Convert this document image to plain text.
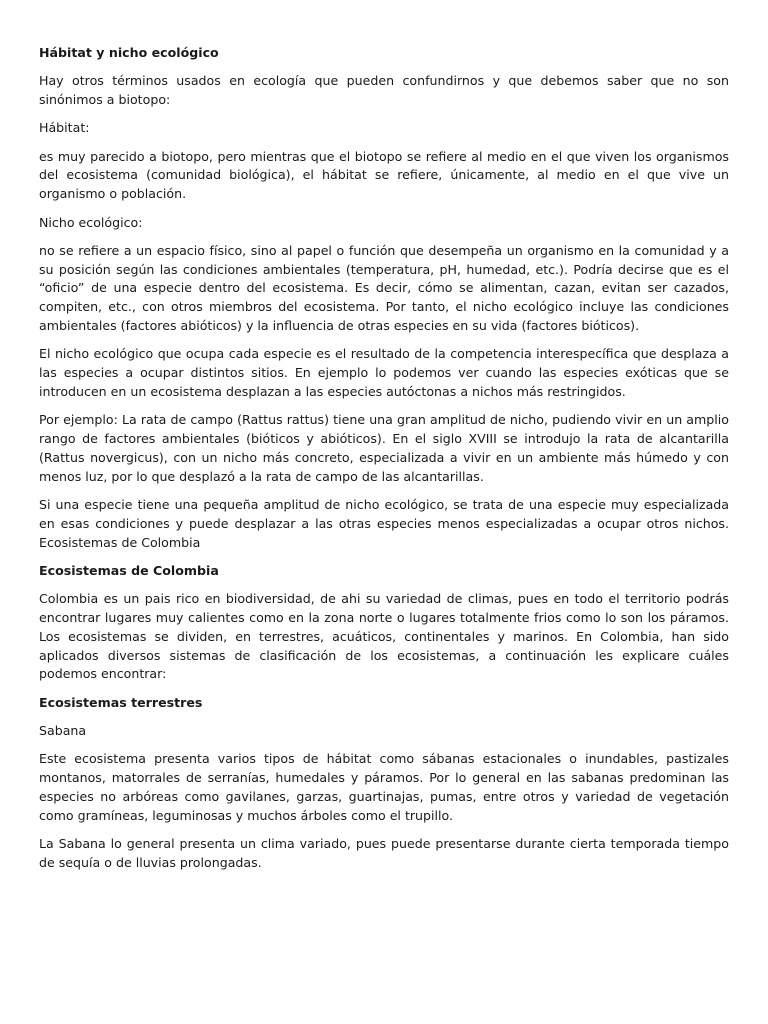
Hábitat y nicho ecológico
Hay otros términos usados en ecología que pueden confundirnos y que debemos saber que no son sinónimos a biotopo:
Hábitat:
es muy parecido a biotopo, pero mientras que el biotopo se refiere al medio en el que viven los organismos del ecosistema (comunidad biológica), el hábitat se refiere, únicamente, al medio en el que vive un organismo o población.
Nicho ecológico:
no se refiere a un espacio físico, sino al papel o función que desempeña un organismo en la comunidad y a su posición según las condiciones ambientales (temperatura, pH, humedad, etc.). Podría decirse que es el “oficio” de una especie dentro del ecosistema. Es decir, cómo se alimentan, cazan, evitan ser cazados, compiten, etc., con otros miembros del ecosistema. Por tanto, el nicho ecológico incluye las condiciones ambientales (factores abióticos) y la influencia de otras especies en su vida (factores bióticos).
El nicho ecológico que ocupa cada especie es el resultado de la competencia interespecífica que desplaza a las especies a ocupar distintos sitios. En ejemplo lo podemos ver cuando las especies exóticas que se introducen en un ecosistema desplazan a las especies autóctonas a nichos más restringidos.
Por ejemplo: La rata de campo (Rattus rattus) tiene una gran amplitud de nicho, pudiendo vivir en un amplio rango de factores ambientales (bióticos y abióticos). En el siglo XVIII se introdujo la rata de alcantarilla (Rattus novergicus), con un nicho más concreto, especializada a vivir en un ambiente más húmedo y con menos luz, por lo que desplazó a la rata de campo de las alcantarillas.
Si una especie tiene una pequeña amplitud de nicho ecológico, se trata de una especie muy especializada en esas condiciones y puede desplazar a las otras especies menos especializadas a ocupar otros nichos. Ecosistemas de Colombia
Ecosistemas de Colombia
Colombia es un pais rico en biodiversidad, de ahi su variedad de climas, pues en todo el territorio podrás encontrar lugares muy calientes como en la zona norte o lugares totalmente frios como lo son los páramos. Los ecosistemas se dividen, en terrestres, acuáticos, continentales y marinos. En Colombia, han sido aplicados diversos sistemas de clasificación de los ecosistemas, a continuación les explicare cuáles podemos encontrar:
Ecosistemas terrestres
Sabana
Este ecosistema presenta varios tipos de hábitat como sábanas estacionales o inundables, pastizales montanos, matorrales de serranías, humedales y páramos. Por lo general en las sabanas predominan las especies no arbóreas como gavilanes, garzas, guartinajas, pumas, entre otros y variedad de vegetación como gramíneas, leguminosas y muchos árboles como el trupillo.
La Sabana lo general presenta un clima variado, pues puede presentarse durante cierta temporada tiempo de sequía o de lluvias prolongadas.
